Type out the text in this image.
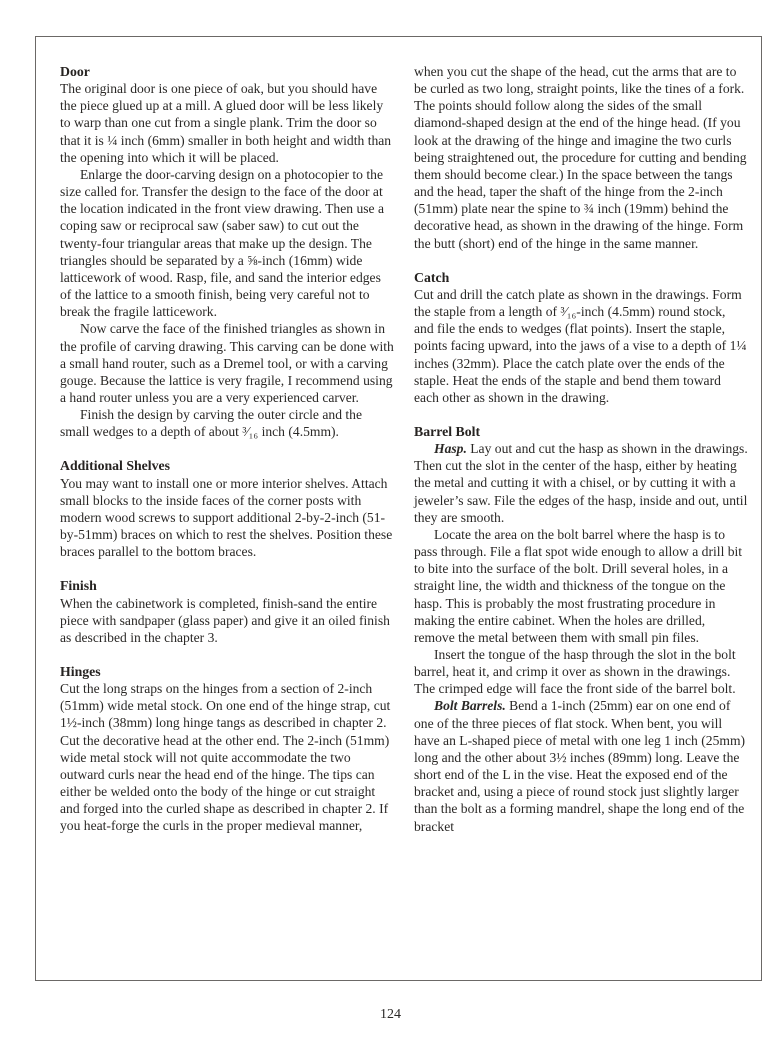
Door

The original door is one piece of oak, but you should have the piece glued up at a mill. A glued door will be less likely to warp than one cut from a single plank. Trim the door so that it is ¼ inch (6mm) smaller in both height and width than the opening into which it will be placed.

Enlarge the door-carving design on a photocopier to the size called for. Transfer the design to the face of the door at the location indicated in the front view drawing. Then use a coping saw or reciprocal saw (saber saw) to cut out the twenty-four triangular areas that make up the design. The triangles should be separated by a ⅝-inch (16mm) wide latticework of wood. Rasp, file, and sand the interior edges of the lattice to a smooth finish, being very careful not to break the fragile latticework.

Now carve the face of the finished triangles as shown in the profile of carving drawing. This carving can be done with a small hand router, such as a Dremel tool, or with a carving gouge. Because the lattice is very fragile, I recommend using a hand router unless you are a very experienced carver.

Finish the design by carving the outer circle and the small wedges to a depth of about ³⁄₁₆ inch (4.5mm).

Additional Shelves

You may want to install one or more interior shelves. Attach small blocks to the inside faces of the corner posts with modern wood screws to support additional 2-by-2-inch (51-by-51mm) braces on which to rest the shelves. Position these braces parallel to the bottom braces.

Finish

When the cabinetwork is completed, finish-sand the entire piece with sandpaper (glass paper) and give it an oiled finish as described in the chapter 3.

Hinges

Cut the long straps on the hinges from a section of 2-inch (51mm) wide metal stock. On one end of the hinge strap, cut 1½-inch (38mm) long hinge tangs as described in chapter 2. Cut the decorative head at the other end. The 2-inch (51mm) wide metal stock will not quite accommodate the two outward curls near the head end of the hinge. The tips can either be welded onto the body of the hinge or cut straight and forged into the curled shape as described in chapter 2. If you heat-forge the curls in the proper medieval manner,

when you cut the shape of the head, cut the arms that are to be curled as two long, straight points, like the tines of a fork. The points should follow along the sides of the small diamond-shaped design at the end of the hinge head. (If you look at the drawing of the hinge and imagine the two curls being straightened out, the procedure for cutting and bending them should become clear.) In the space between the tangs and the head, taper the shaft of the hinge from the 2-inch (51mm) plate near the spine to ¾ inch (19mm) behind the decorative head, as shown in the drawing of the hinge. Form the butt (short) end of the hinge in the same manner.

Catch

Cut and drill the catch plate as shown in the drawings. Form the staple from a length of ³⁄₁₆-inch (4.5mm) round stock, and file the ends to wedges (flat points). Insert the staple, points facing upward, into the jaws of a vise to a depth of 1¼ inches (32mm). Place the catch plate over the ends of the staple. Heat the ends of the staple and bend them toward each other as shown in the drawing.

Barrel Bolt

Hasp. Lay out and cut the hasp as shown in the drawings. Then cut the slot in the center of the hasp, either by heating the metal and cutting it with a chisel, or by cutting it with a jeweler’s saw. File the edges of the hasp, inside and out, until they are smooth.

Locate the area on the bolt barrel where the hasp is to pass through. File a flat spot wide enough to allow a drill bit to bite into the surface of the bolt. Drill several holes, in a straight line, the width and thickness of the tongue on the hasp. This is probably the most frustrating procedure in making the entire cabinet. When the holes are drilled, remove the metal between them with small pin files.

Insert the tongue of the hasp through the slot in the bolt barrel, heat it, and crimp it over as shown in the drawings. The crimped edge will face the front side of the barrel bolt.

Bolt Barrels. Bend a 1-inch (25mm) ear on one end of one of the three pieces of flat stock. When bent, you will have an L-shaped piece of metal with one leg 1 inch (25mm) long and the other about 3½ inches (89mm) long. Leave the short end of the L in the vise. Heat the exposed end of the bracket and, using a piece of round stock just slightly larger than the bolt as a forming mandrel, shape the long end of the bracket

124
